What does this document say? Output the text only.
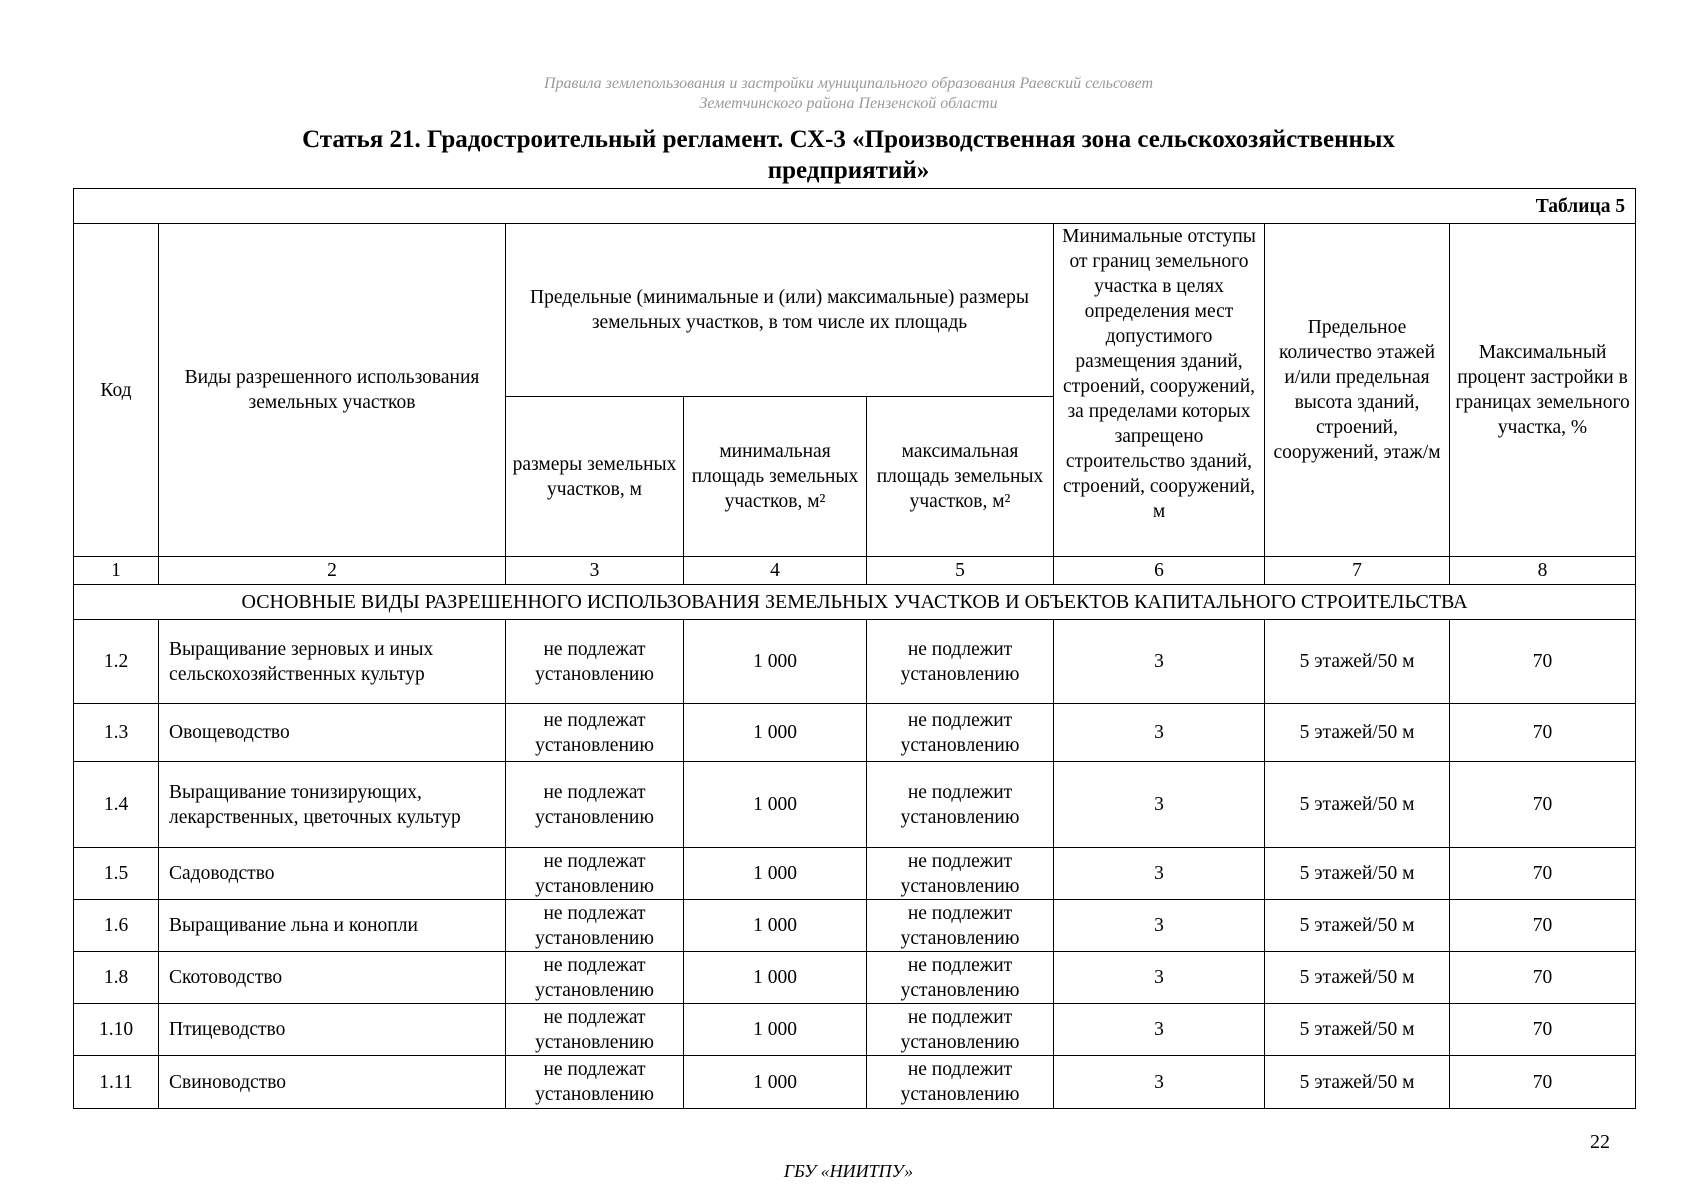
Правила землепользования и застройки муниципального образования Раевский сельсовет
Земетчинского района Пензенской области
Статья 21. Градостроительный регламент. СХ-3 «Производственная зона сельскохозяйственных
предприятий»
Таблица 5							
Код	Виды разрешенного использования земельных участков	Предельные (минимальные и (или) максимальные) размеры земельных участков, в том числе их площадь			Минимальные отступы от границ земельного участка в целях определения мест допустимого размещения зданий, строений, сооружений, за пределами которых запрещено строительство зданий, строений, сооружений, м	Предельное количество этажей и/или предельная высота зданий, строений, сооружений, этаж/м	Максимальный процент застройки в границах земельного участка, %
		размеры земельных участков, м	минимальная площадь земельных участков, м²	максимальная площадь земельных участков, м²			
1	2	3	4	5	6	7	8
ОСНОВНЫЕ ВИДЫ РАЗРЕШЕННОГО ИСПОЛЬЗОВАНИЯ ЗЕМЕЛЬНЫХ УЧАСТКОВ И ОБЪЕКТОВ КАПИТАЛЬНОГО СТРОИТЕЛЬСТВА							
1.2	Выращивание зерновых и иных сельскохозяйственных культур	не подлежат установлению	1 000	не подлежит установлению	3	5 этажей/50 м	70
1.3	Овощеводство	не подлежат установлению	1 000	не подлежит установлению	3	5 этажей/50 м	70
1.4	Выращивание тонизирующих, лекарственных, цветочных культур	не подлежат установлению	1 000	не подлежит установлению	3	5 этажей/50 м	70
1.5	Садоводство	не подлежат установлению	1 000	не подлежит установлению	3	5 этажей/50 м	70
1.6	Выращивание льна и конопли	не подлежат установлению	1 000	не подлежит установлению	3	5 этажей/50 м	70
1.8	Скотоводство	не подлежат установлению	1 000	не подлежит установлению	3	5 этажей/50 м	70
1.10	Птицеводство	не подлежат установлению	1 000	не подлежит установлению	3	5 этажей/50 м	70
1.11	Свиноводство	не подлежат установлению	1 000	не подлежит установлению	3	5 этажей/50 м	70
22
ГБУ «НИИТПУ»
